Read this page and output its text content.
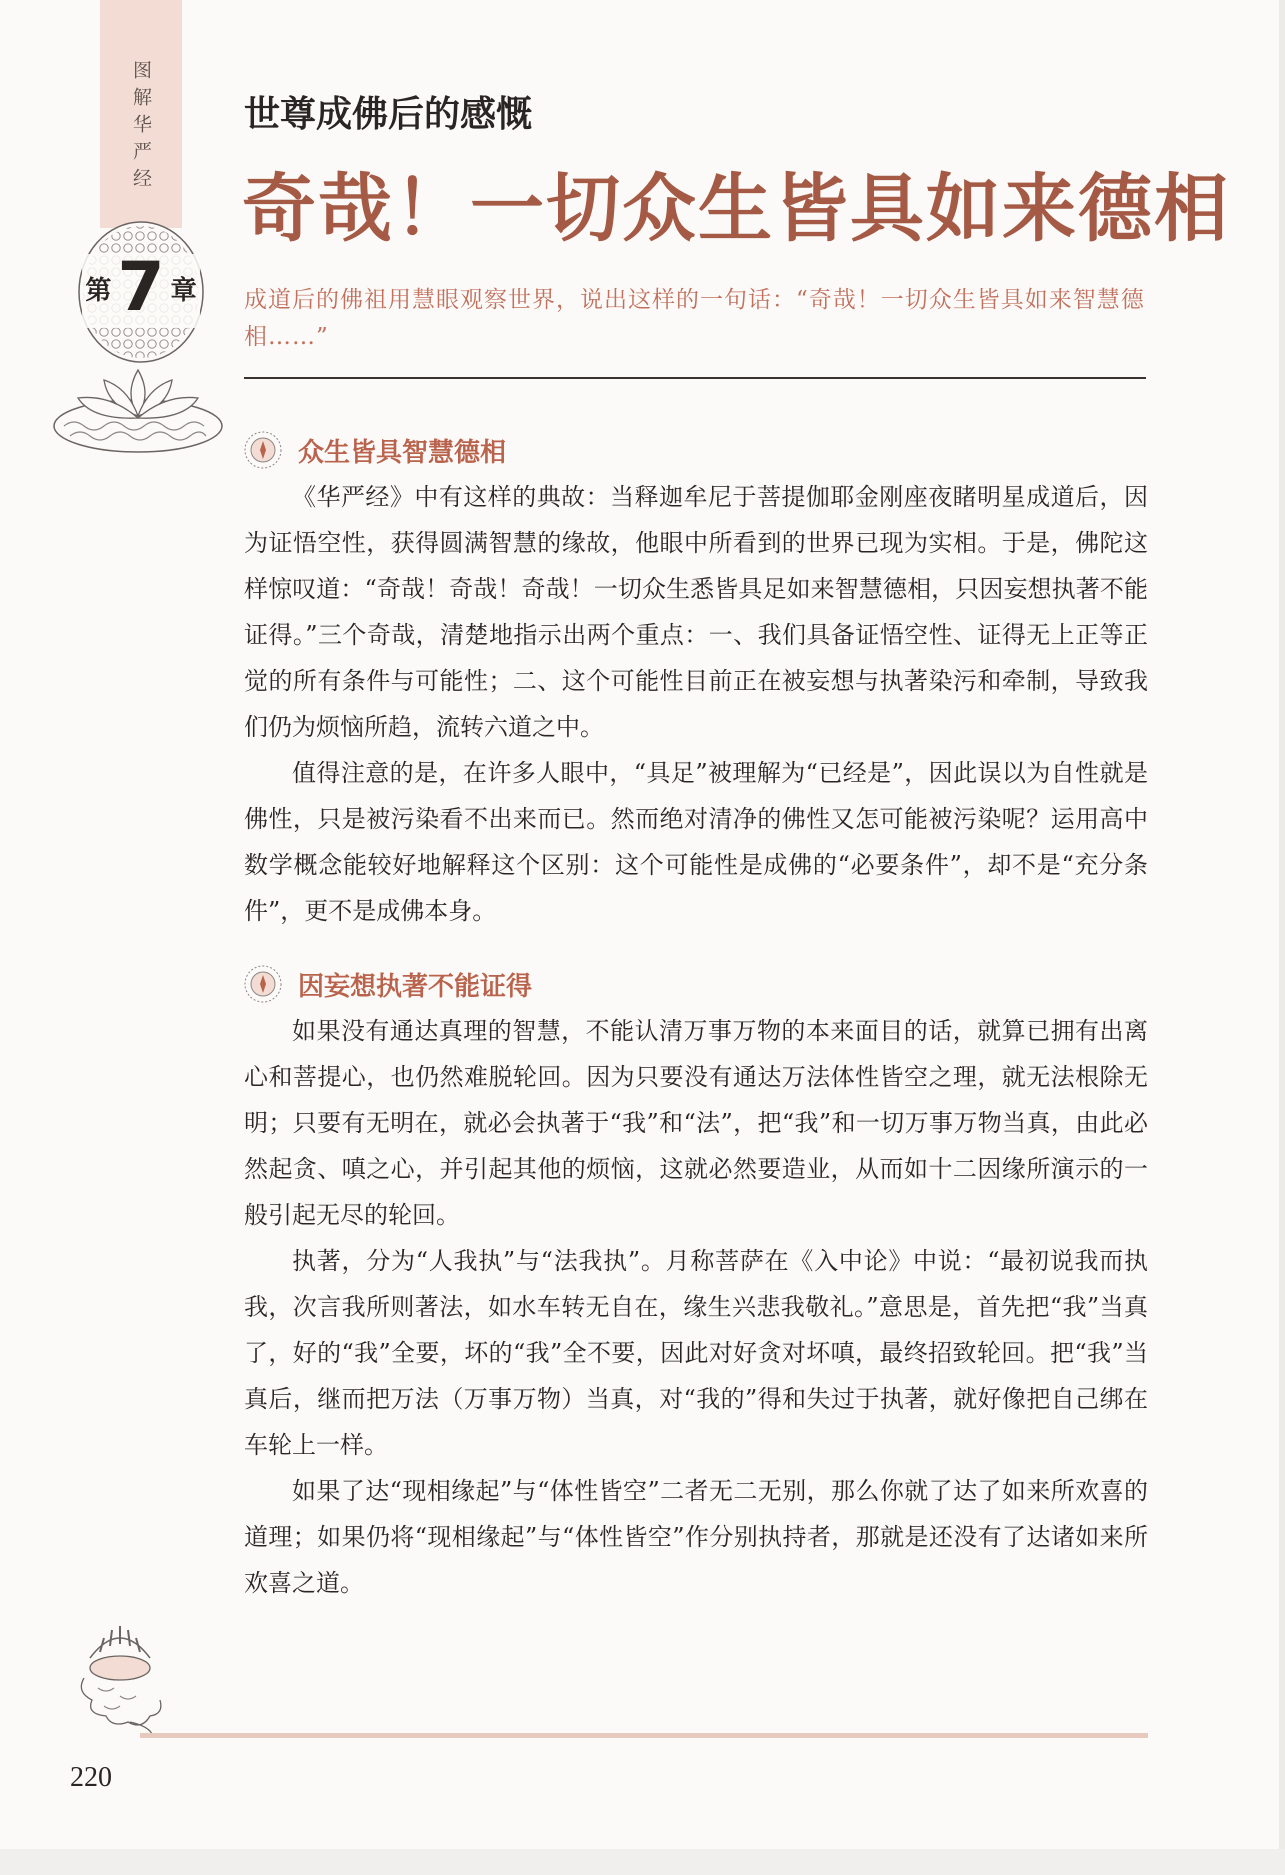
图解华严经
第 7 章
世尊成佛后的感慨
奇哉！一切众生皆具如来德相
成道后的佛祖用慧眼观察世界，说出这样的一句话：“奇哉！一切众生皆具如来智慧德相……”
众生皆具智慧德相

《华严经》中有这样的典故：当释迦牟尼于菩提伽耶金刚座夜睹明星成道后，因为证悟空性，获得圆满智慧的缘故，他眼中所看到的世界已现为实相。于是，佛陀这样惊叹道：“奇哉！奇哉！奇哉！一切众生悉皆具足如来智慧德相，只因妄想执著不能证得。”三个奇哉，清楚地指示出两个重点：一、我们具备证悟空性、证得无上正等正觉的所有条件与可能性；二、这个可能性目前正在被妄想与执著染污和牵制，导致我们仍为烦恼所趋，流转六道之中。

值得注意的是，在许多人眼中，“具足”被理解为“已经是”，因此误以为自性就是佛性，只是被污染看不出来而已。然而绝对清净的佛性又怎可能被污染呢？运用高中数学概念能较好地解释这个区别：这个可能性是成佛的“必要条件”，却不是“充分条件”，更不是成佛本身。

因妄想执著不能证得

如果没有通达真理的智慧，不能认清万事万物的本来面目的话，就算已拥有出离心和菩提心，也仍然难脱轮回。因为只要没有通达万法体性皆空之理，就无法根除无明；只要有无明在，就必会执著于“我”和“法”，把“我”和一切万事万物当真，由此必然起贪、嗔之心，并引起其他的烦恼，这就必然要造业，从而如十二因缘所演示的一般引起无尽的轮回。

执著，分为“人我执”与“法我执”。月称菩萨在《入中论》中说：“最初说我而执我，次言我所则著法，如水车转无自在，缘生兴悲我敬礼。”意思是，首先把“我”当真了，好的“我”全要，坏的“我”全不要，因此对好贪对坏嗔，最终招致轮回。把“我”当真后，继而把万法（万事万物）当真，对“我的”得和失过于执著，就好像把自己绑在车轮上一样。

如果了达“现相缘起”与“体性皆空”二者无二无别，那么你就了达了如来所欢喜的道理；如果仍将“现相缘起”与“体性皆空”作分别执持者，那就是还没有了达诸如来所欢喜之道。

220
